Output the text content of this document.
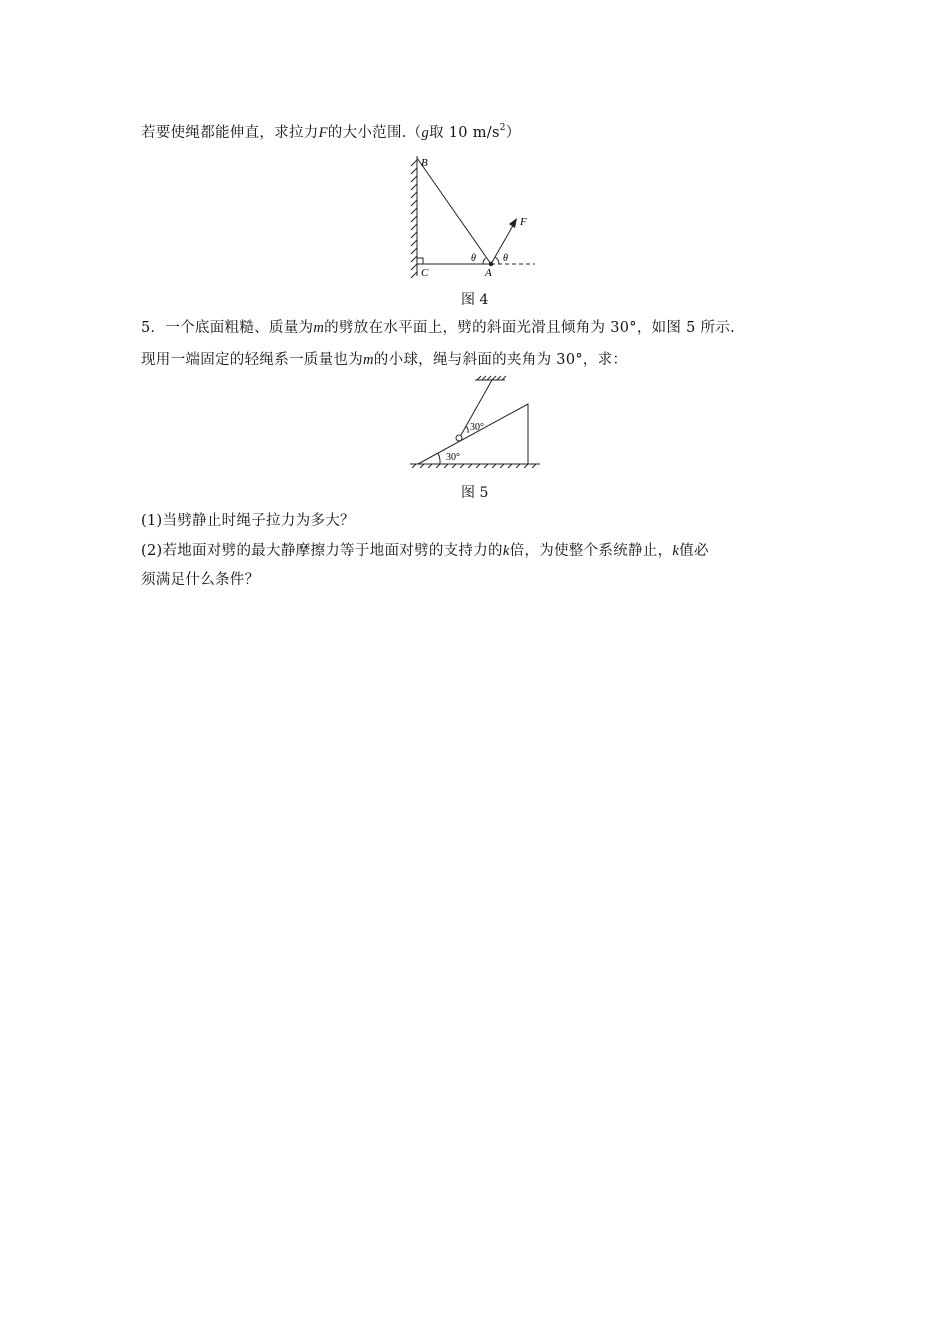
若要使绳都能伸直，求拉力F的大小范围.（g取 10 $m/s^2$）
B
C	A
F
θ	θ
图 4
5．一个底面粗糙、质量为m的劈放在水平面上，劈的斜面光滑且倾角为 30°，如图 5 所示.
现用一端固定的轻绳系一质量也为m的小球，绳与斜面的夹角为 30°，求：
30°
30°
图 5
(1)当劈静止时绳子拉力为多大？
(2)若地面对劈的最大静摩擦力等于地面对劈的支持力的k倍，为使整个系统静止，k值必
须满足什么条件？
